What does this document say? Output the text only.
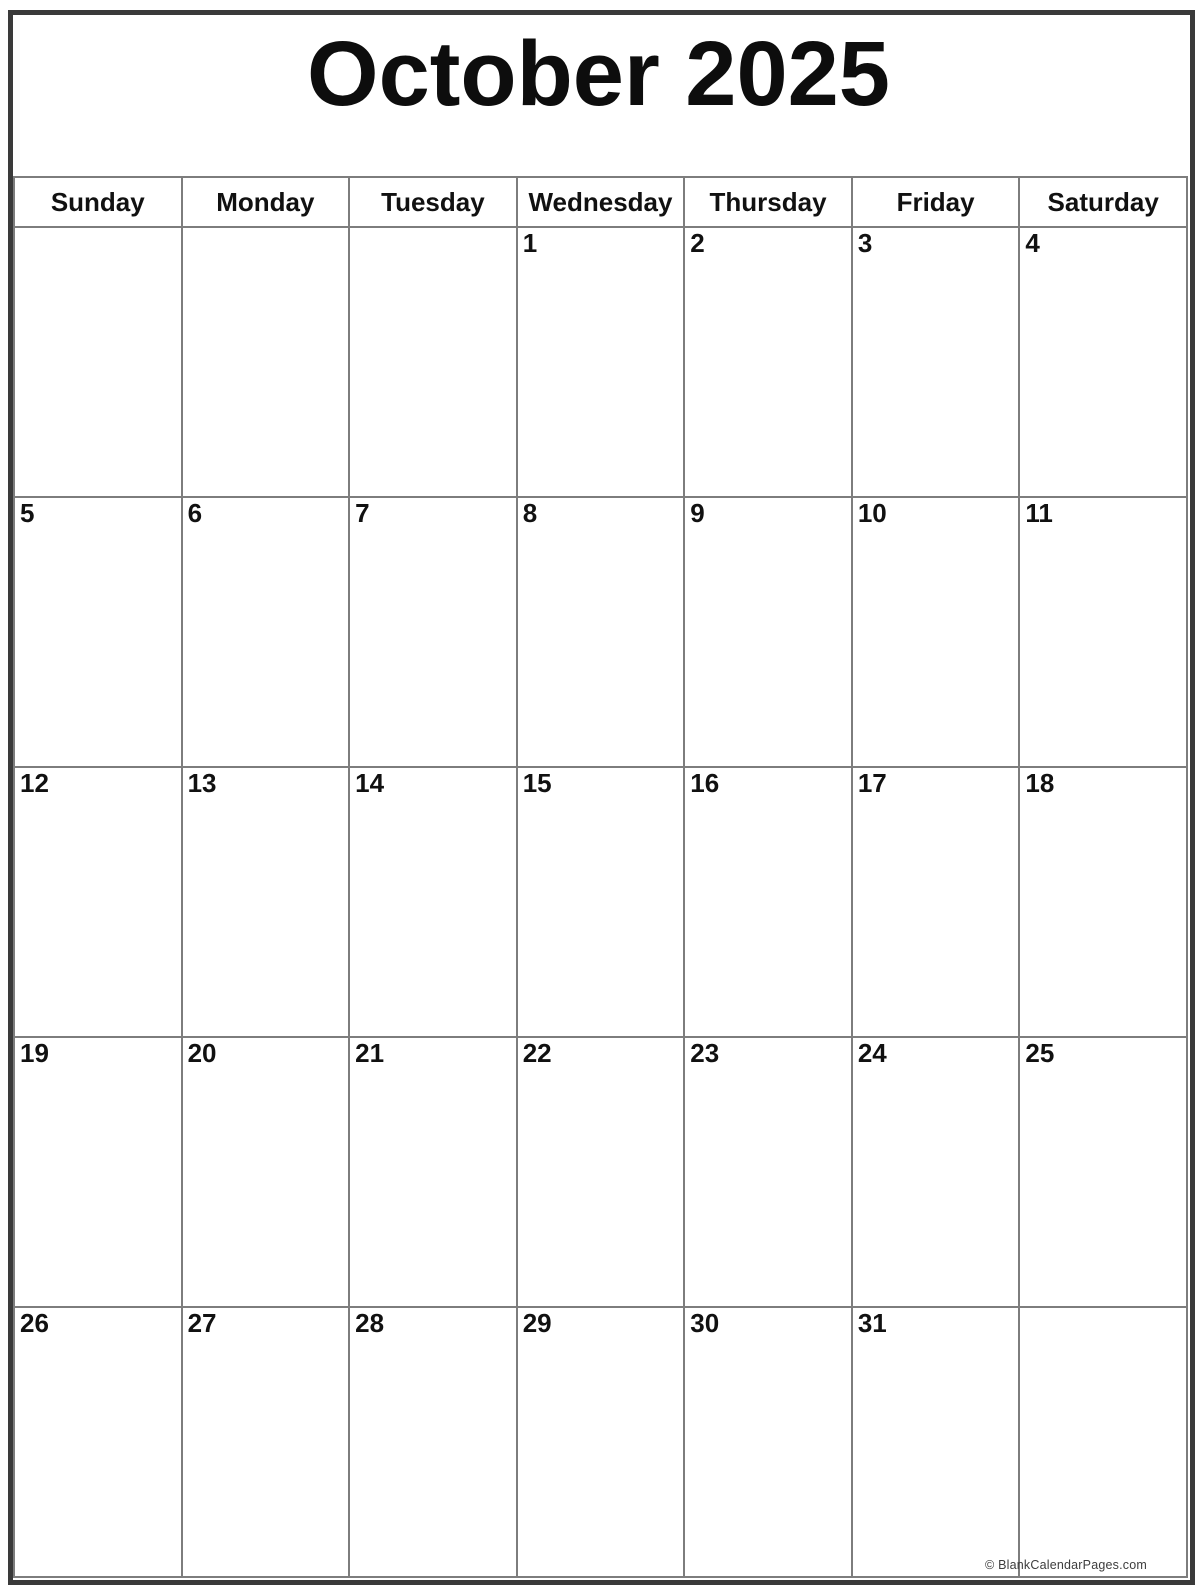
October 2025
Sunday	Monday	Tuesday	Wednesday	Thursday	Friday	Saturday
			1	2	3	4
5	6	7	8	9	10	11
12	13	14	15	16	17	18
19	20	21	22	23	24	25
26	27	28	29	30	31	
© BlankCalendarPages.com
